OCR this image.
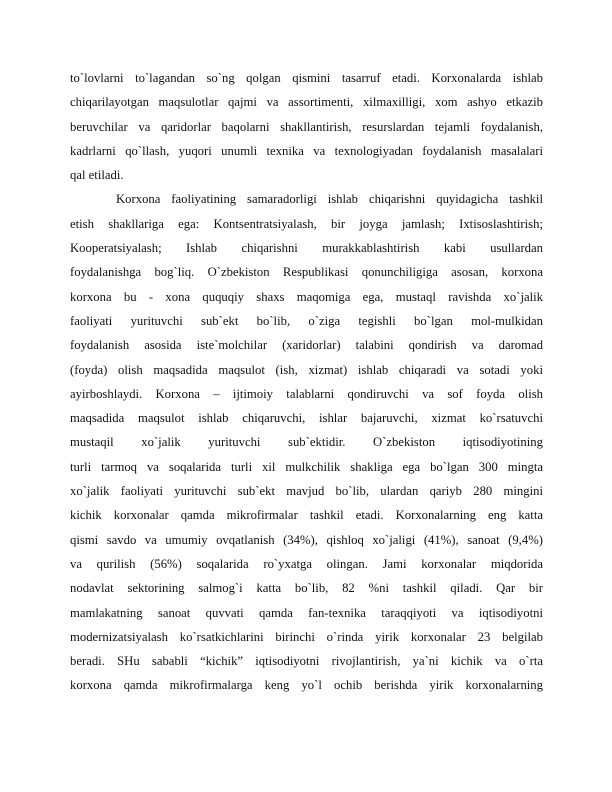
to`lovlarni to`lagandan so`ng qolgan qismini tasarruf etadi. Korxonalarda ishlab
chiqarilayotgan maqsulotlar qajmi va assortimenti, xilmaxilligi, xom ashyo etkazib
beruvchilar va qaridorlar baqolarni shakllantirish, resurslardan tejamli foydalanish,
kadrlarni qo`llash, yuqori unumli texnika va texnologiyadan foydalanish masalalari
qal etiladi.
Korxona faoliyatining samaradorligi ishlab chiqarishni quyidagicha tashkil
etish shakllariga ega: Kontsentratsiyalash, bir joyga jamlash; Ixtisoslashtirish;
Kooperatsiyalash; Ishlab chiqarishni murakkablashtirish kabi usullardan
foydalanishga bog`liq. O`zbekiston Respublikasi qonunchiligiga asosan, korxona
korxona bu - xona ququqiy shaxs maqomiga ega, mustaql ravishda xo`jalik
faoliyati yurituvchi sub`ekt bo`lib, o`ziga tegishli bo`lgan mol-mulkidan
foydalanish asosida iste`molchilar (xaridorlar) talabini qondirish va daromad
(foyda) olish maqsadida maqsulot (ish, xizmat) ishlab chiqaradi va sotadi yoki
ayirboshlaydi. Korxona – ijtimoiy talablarni qondiruvchi va sof foyda olish
maqsadida maqsulot ishlab chiqaruvchi, ishlar bajaruvchi, xizmat ko`rsatuvchi
mustaqil xo`jalik yurituvchi sub`ektidir. O`zbekiston iqtisodiyotining
turli tarmoq va soqalarida turli xil mulkchilik shakliga ega bo`lgan 300 mingta
xo`jalik faoliyati yurituvchi sub`ekt mavjud bo`lib, ulardan qariyb 280 mingini
kichik korxonalar qamda mikrofirmalar tashkil etadi. Korxonalarning eng katta
qismi savdo va umumiy ovqatlanish (34%), qishloq xo`jaligi (41%), sanoat (9,4%)
va qurilish (56%) soqalarida ro`yxatga olingan. Jami korxonalar miqdorida
nodavlat sektorining salmog`i katta bo`lib, 82 %ni tashkil qiladi. Qar bir
mamlakatning sanoat quvvati qamda fan-texnika taraqqiyoti va iqtisodiyotni
modernizatsiyalash ko`rsatkichlarini birinchi o`rinda yirik korxonalar 23 belgilab
beradi. SHu sababli “kichik” iqtisodiyotni rivojlantirish, ya`ni kichik va o`rta
korxona qamda mikrofirmalarga keng yo`l ochib berishda yirik korxonalarning
